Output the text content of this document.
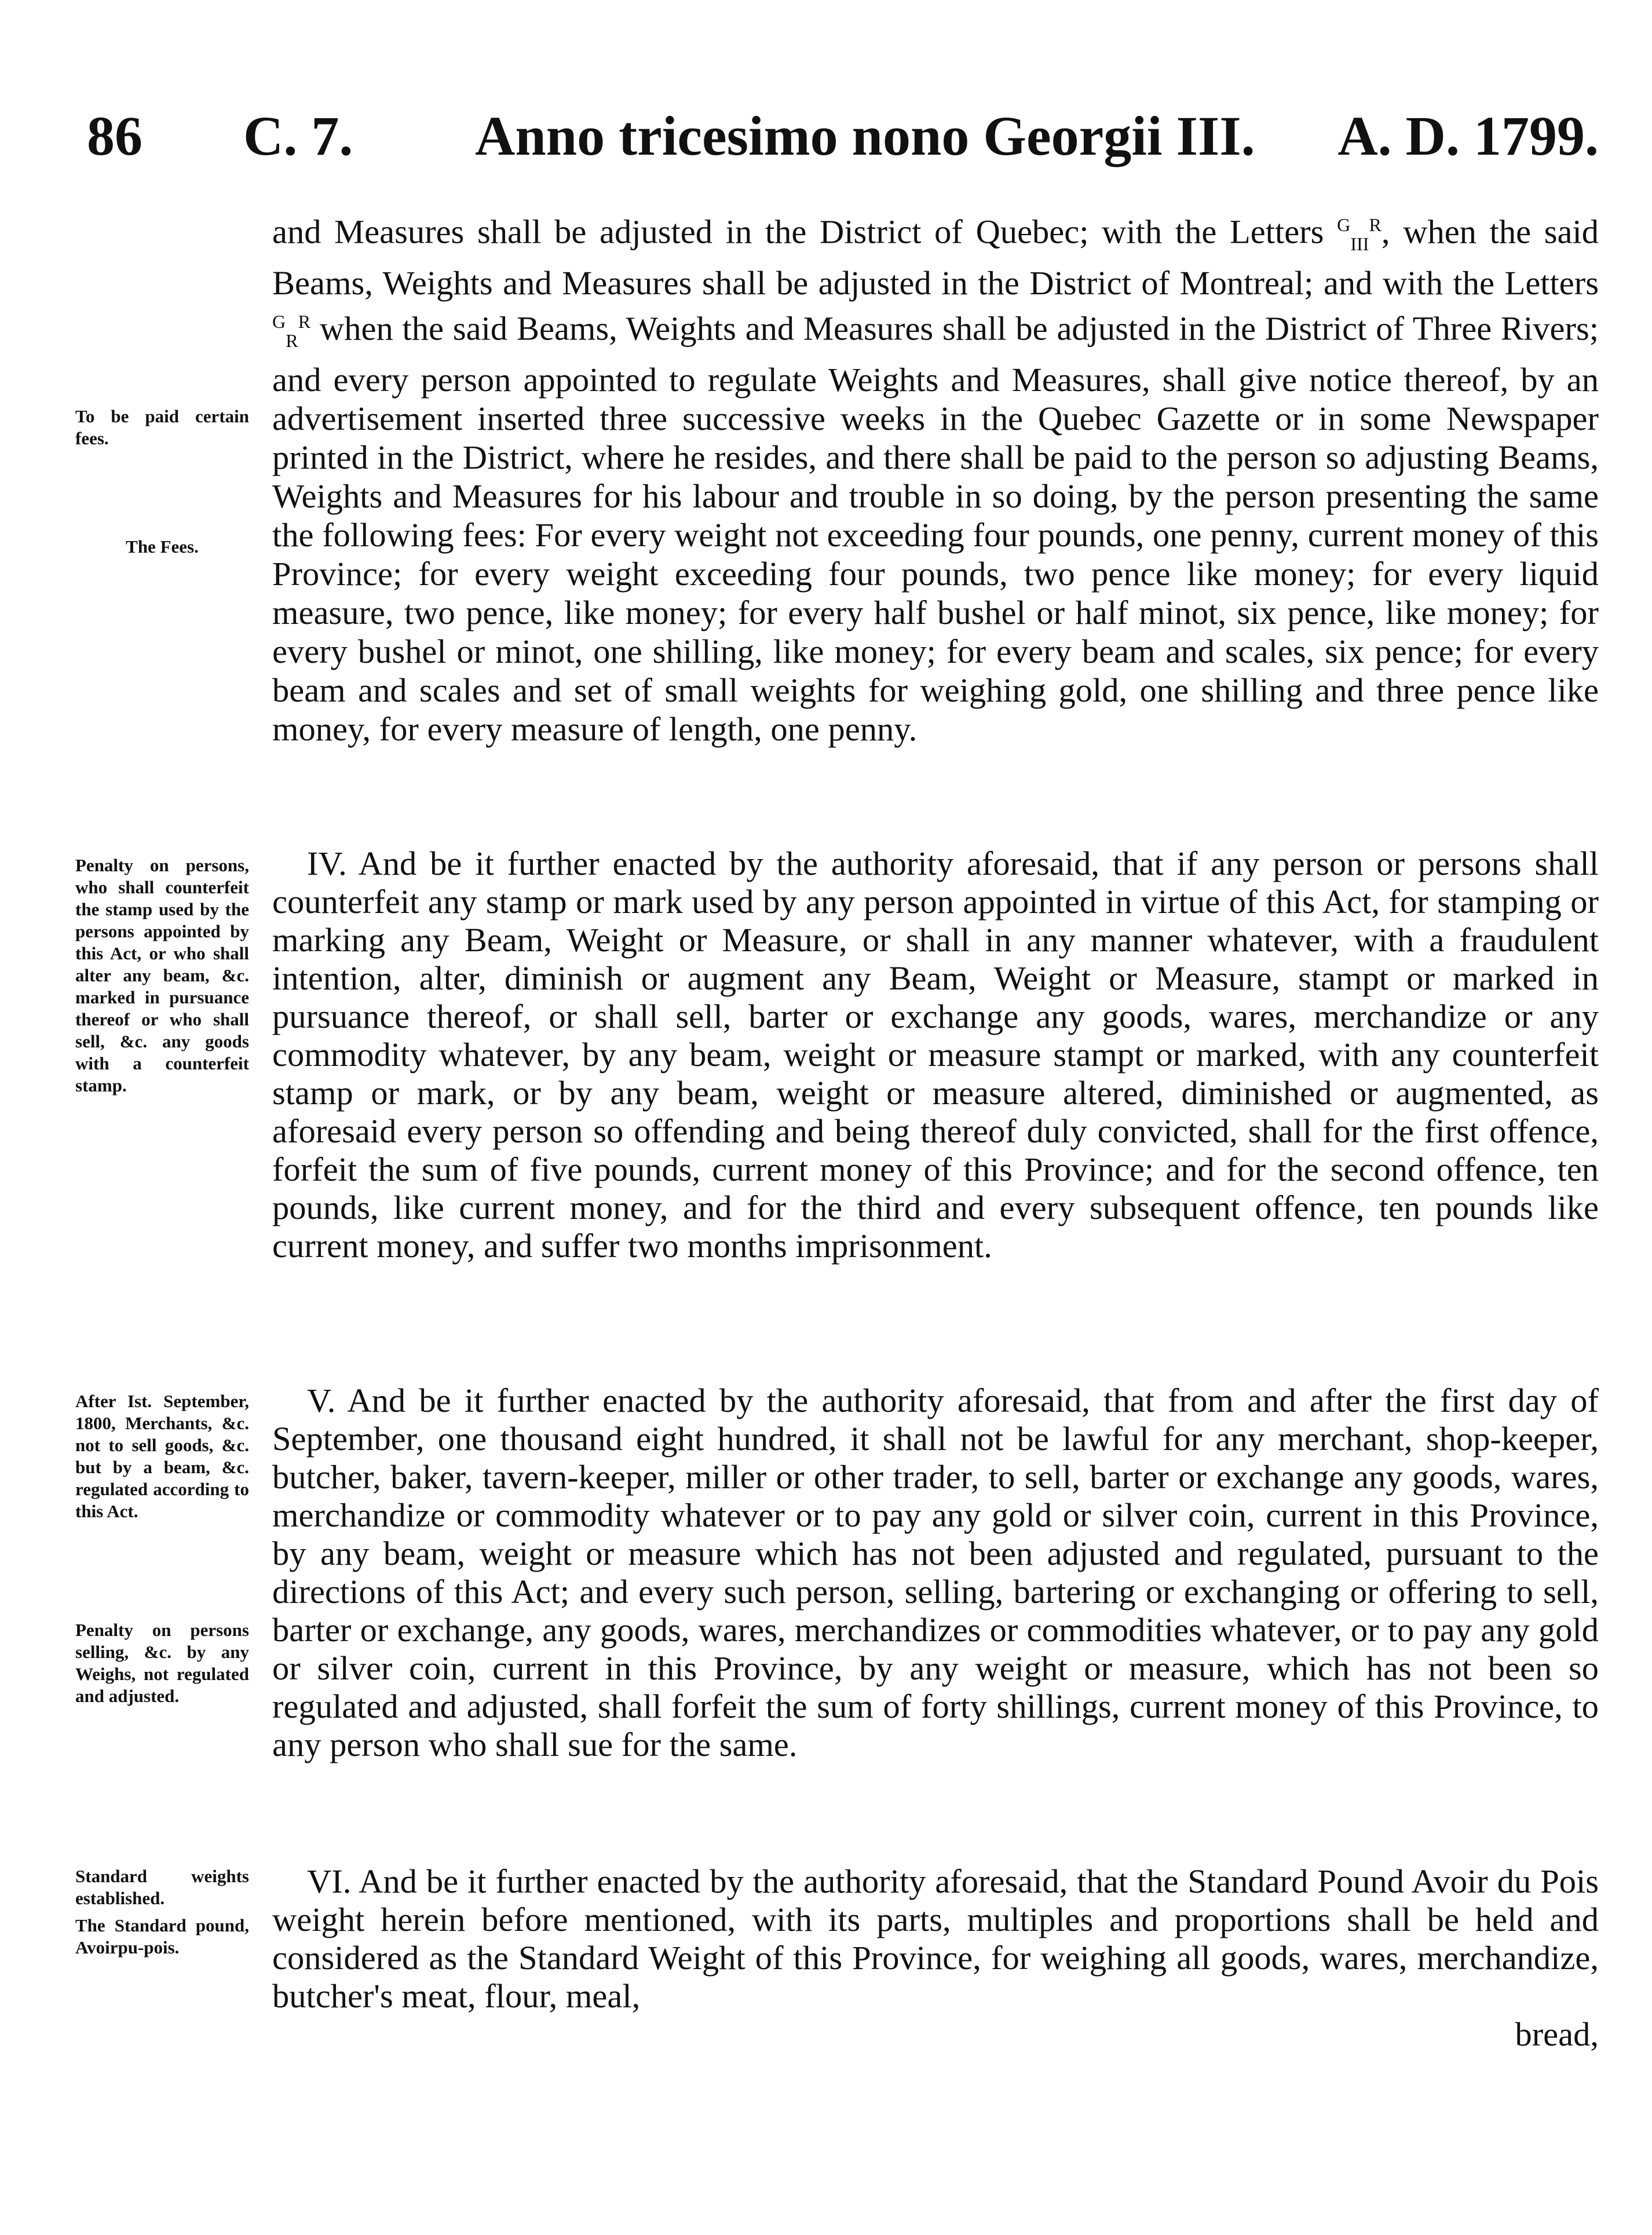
86 C. 7. Anno tricesimo nono Georgii III. A. D. 1799.
To be paid certain fees.
The Fees.
Penalty on persons, who shall counterfeit the stamp used by the persons appointed by this Act, or who shall alter any beam, &c. marked in pursuance thereof or who shall sell, &c. any goods with a counterfeit stamp.
After Ist. September, 1800, Merchants, &c. not to sell goods, &c. but by a beam, &c. regulated according to this Act.
Penalty on persons selling, &c. by any Weighs, not regulated and adjusted.
Standard weights established.
The Standard pound, Avoirpu-pois.

and Measures shall be adjusted in the District of Quebec; with the Letters $^G_{III}^R$, when the said Beams, Weights and Measures shall be adjusted in the District of Montreal; and with the Letters $^G_R^R$ when the said Beams, Weights and Measures shall be adjusted in the District of Three Rivers; and every person appointed to regulate Weights and Measures, shall give notice thereof, by an advertisement inserted three successive weeks in the Quebec Gazette or in some Newspaper printed in the District, where he resides, and there shall be paid to the person so adjusting Beams, Weights and Measures for his labour and trouble in so doing, by the person presenting the same the following fees: For every weight not exceeding four pounds, one penny, current money of this Province; for every weight exceeding four pounds, two pence like money; for every liquid measure, two pence, like money; for every half bushel or half minot, six pence, like money; for every bushel or minot, one shilling, like money; for every beam and scales, six pence; for every beam and scales and set of small weights for weighing gold, one shilling and three pence like money, for every measure of length, one penny.

IV. And be it further enacted by the authority aforesaid, that if any person or persons shall counterfeit any stamp or mark used by any person appointed in virtue of this Act, for stamping or marking any Beam, Weight or Measure, or shall in any manner whatever, with a fraudulent intention, alter, diminish or augment any Beam, Weight or Measure, stampt or marked in pursuance thereof, or shall sell, barter or exchange any goods, wares, merchandize or any commodity whatever, by any beam, weight or measure stampt or marked, with any counterfeit stamp or mark, or by any beam, weight or measure altered, diminished or augmented, as aforesaid every person so offending and being thereof duly convicted, shall for the first offence, forfeit the sum of five pounds, current money of this Province; and for the second offence, ten pounds, like current money, and for the third and every subsequent offence, ten pounds like current money, and suffer two months imprisonment.

V. And be it further enacted by the authority aforesaid, that from and after the first day of September, one thousand eight hundred, it shall not be lawful for any merchant, shop-keeper, butcher, baker, tavern-keeper, miller or other trader, to sell, barter or exchange any goods, wares, merchandize or commodity whatever or to pay any gold or silver coin, current in this Province, by any beam, weight or measure which has not been adjusted and regulated, pursuant to the directions of this Act; and every such person, selling, bartering or exchanging or offering to sell, barter or exchange, any goods, wares, merchandizes or commodities whatever, or to pay any gold or silver coin, current in this Province, by any weight or measure, which has not been so regulated and adjusted, shall forfeit the sum of forty shillings, current money of this Province, to any person who shall sue for the same.

VI. And be it further enacted by the authority aforesaid, that the Standard Pound Avoir du Pois weight herein before mentioned, with its parts, multiples and proportions shall be held and considered as the Standard Weight of this Province, for weighing all goods, wares, merchandize, butcher's meat, flour, meal,

bread,
